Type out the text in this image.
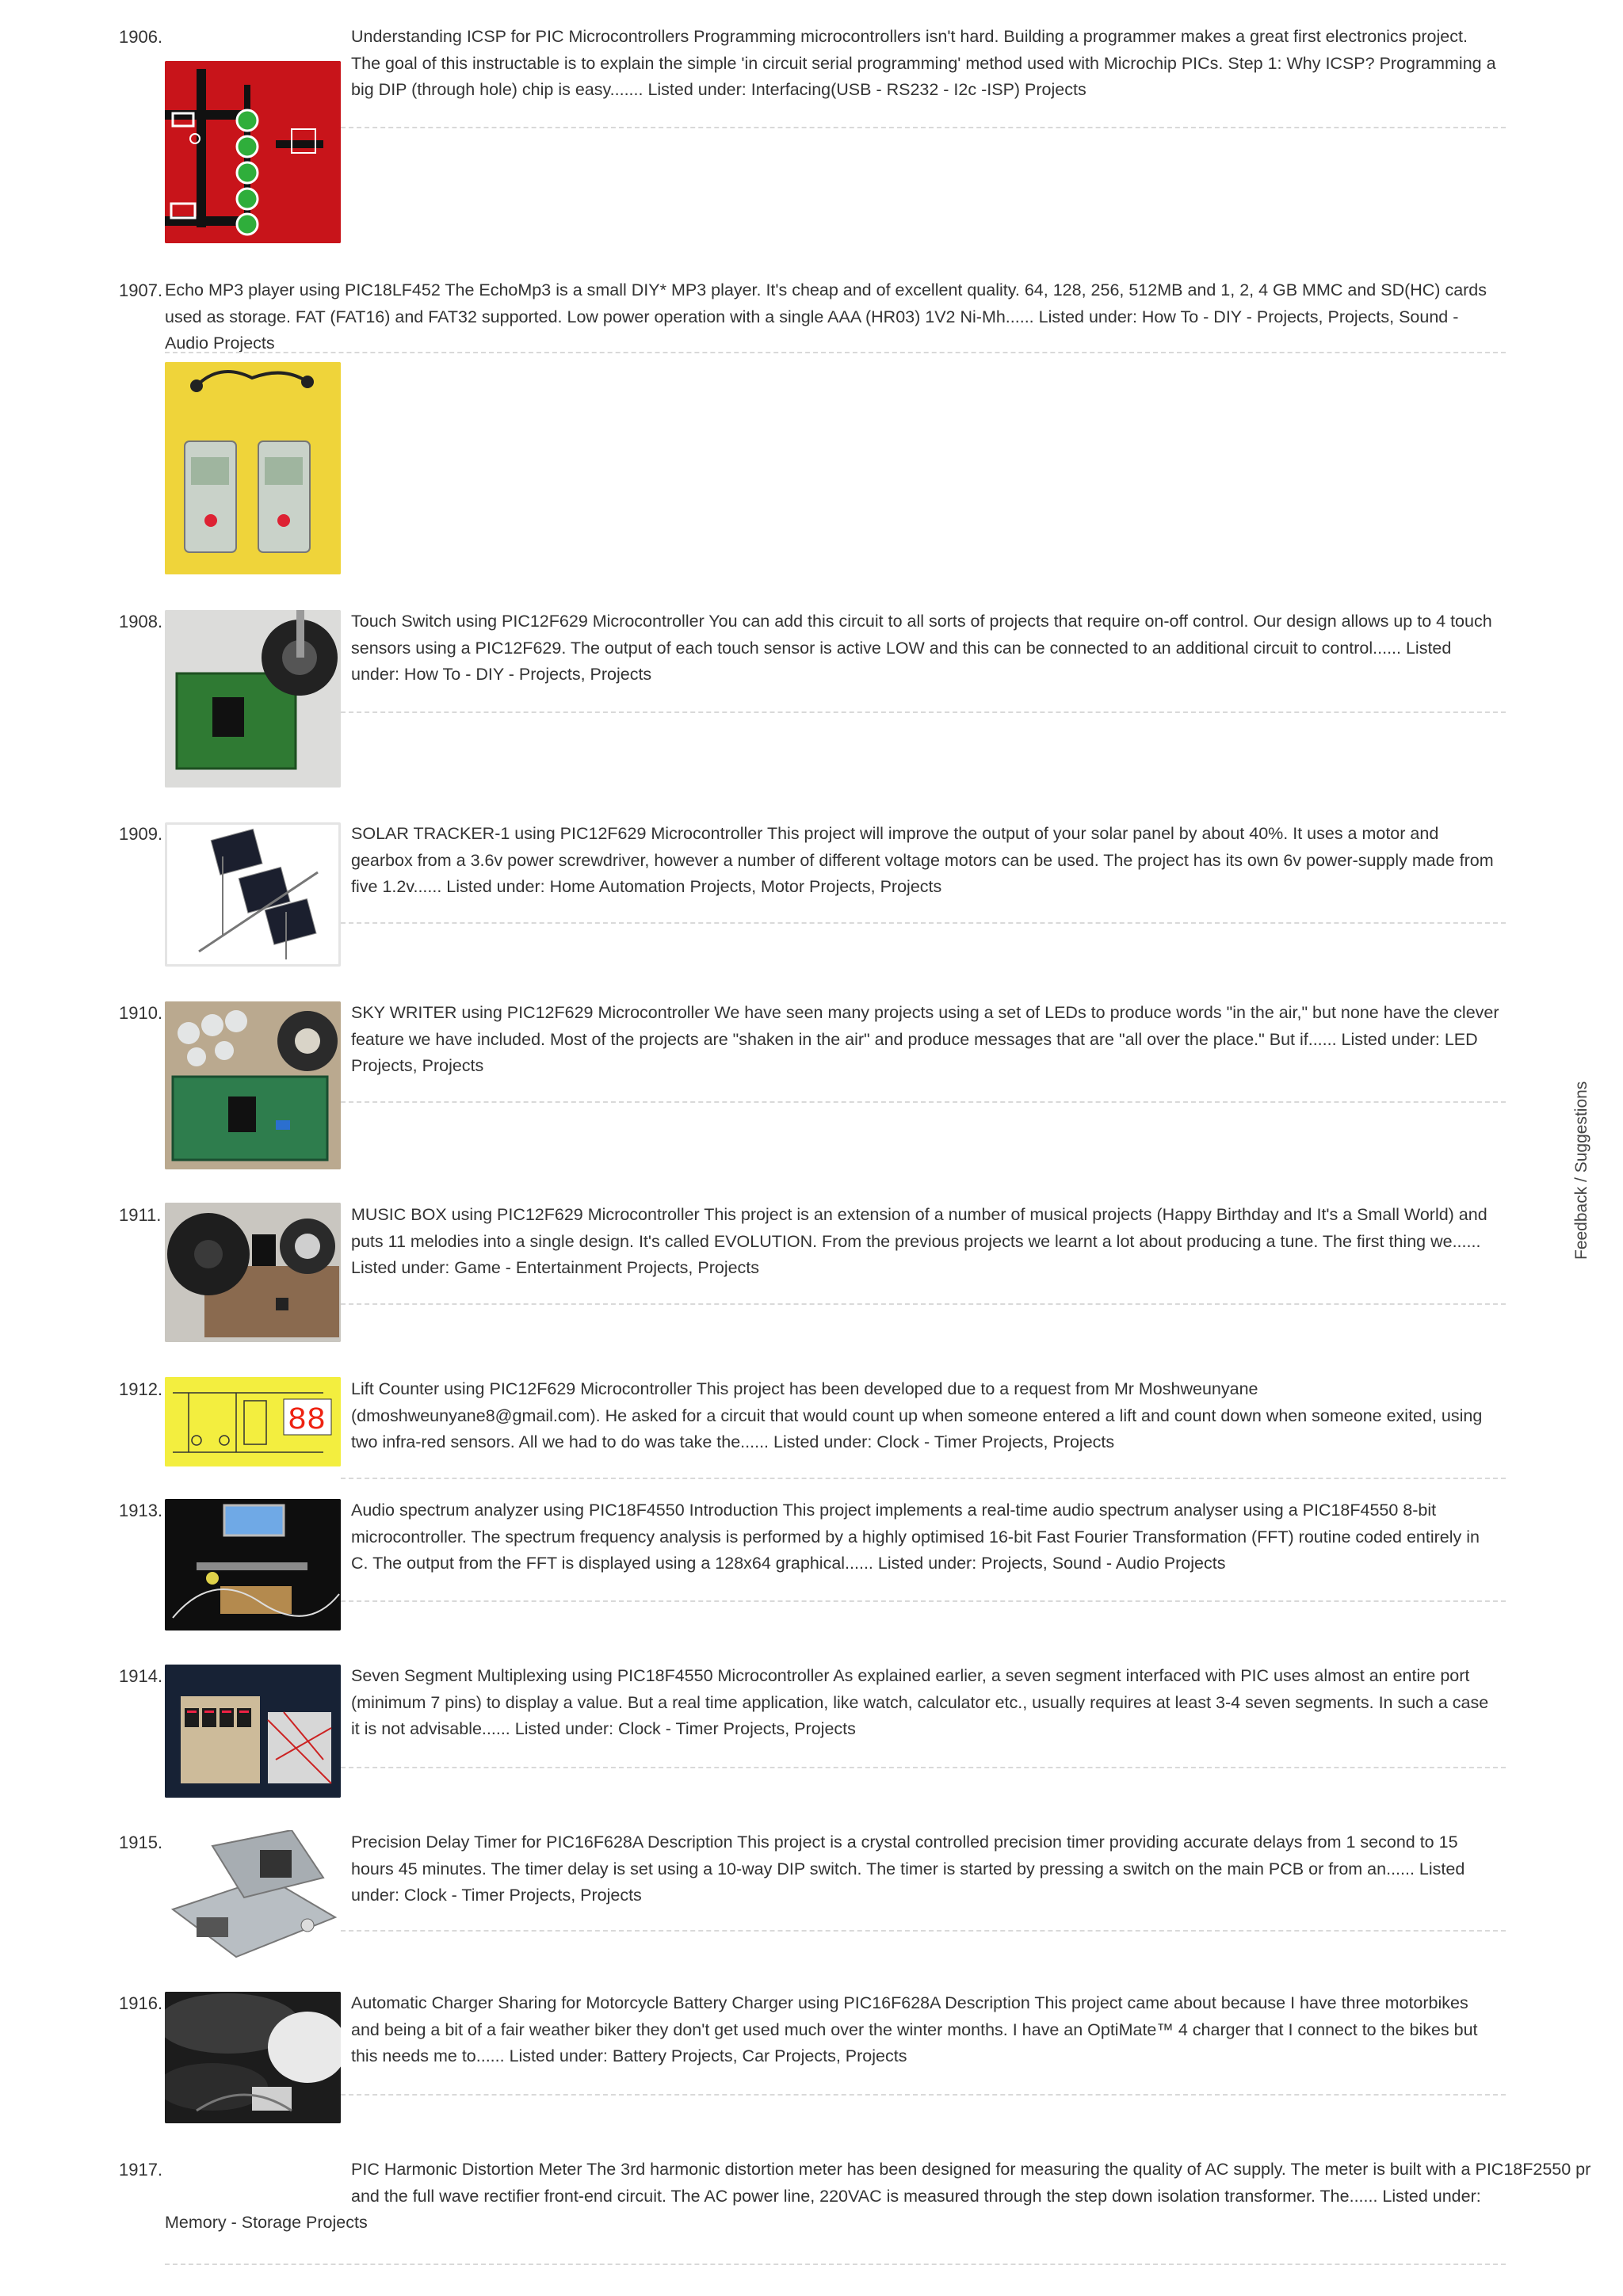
1906.	Understanding ICSP for PIC Microcontrollers Programming microcontrollers isn't hard. Building a programmer makes a great first electronics project. The goal of this instructable is to explain the simple 'in circuit serial programming' method used with Microchip PICs. Step 1: Why ICSP? Programming a big DIP (through hole) chip is easy....... Listed under: Interfacing(USB - RS232 - I2c -ISP) Projects

1907. Echo MP3 player using PIC18LF452 The EchoMp3 is a small DIY* MP3 player. It's cheap and of excellent quality. 64, 128, 256, 512MB and 1, 2, 4 GB MMC and SD(HC) cards used as storage. FAT (FAT16) and FAT32 supported. Low power operation with a single AAA (HR03) 1V2 Ni-Mh...... Listed under: How To - DIY - Projects, Projects, Sound - Audio Projects

1908.	Touch Switch using PIC12F629 Microcontroller You can add this circuit to all sorts of projects that require on-off control. Our design allows up to 4 touch sensors using a PIC12F629. The output of each touch sensor is active LOW and this can be connected to an additional circuit to control...... Listed under: How To - DIY - Projects, Projects

1909.	SOLAR TRACKER-1 using PIC12F629 Microcontroller This project will improve the output of your solar panel by about 40%. It uses a motor and gearbox from a 3.6v power screwdriver, however a number of different voltage motors can be used. The project has its own 6v power-supply made from five 1.2v...... Listed under: Home Automation Projects, Motor Projects, Projects

1910.	SKY WRITER using PIC12F629 Microcontroller We have seen many projects using a set of LEDs to produce words "in the air," but none have the clever feature we have included. Most of the projects are "shaken in the air" and produce messages that are "all over the place." But if...... Listed under: LED Projects, Projects

1911.	MUSIC BOX using PIC12F629 Microcontroller This project is an extension of a number of musical projects (Happy Birthday and It's a Small World) and puts 11 melodies into a single design. It's called EVOLUTION. From the previous projects we learnt a lot about producing a tune. The first thing we...... Listed under: Game - Entertainment Projects, Projects

1912.	Lift Counter using PIC12F629 Microcontroller This project has been developed due to a request from Mr Moshweunyane (dmoshweunyane8@gmail.com). He asked for a circuit that would count up when someone entered a lift and count down when someone exited, using two infra-red sensors. All we had to do was take the...... Listed under: Clock - Timer Projects, Projects

88
1913.	Audio spectrum analyzer using PIC18F4550 Introduction This project implements a real-time audio spectrum analyser using a PIC18F4550 8-bit microcontroller. The spectrum frequency analysis is performed by a highly optimised 16-bit Fast Fourier Transformation (FFT) routine coded entirely in C. The output from the FFT is displayed using a 128x64 graphical...... Listed under: Projects, Sound - Audio Projects

1914.	Seven Segment Multiplexing using PIC18F4550 Microcontroller As explained earlier, a seven segment interfaced with PIC uses almost an entire port (minimum 7 pins) to display a value. But a real time application, like watch, calculator etc., usually requires at least 3-4 seven segments. In such a case it is not advisable...... Listed under: Clock - Timer Projects, Projects

1915.	Precision Delay Timer for PIC16F628A Description This project is a crystal controlled precision timer providing accurate delays from 1 second to 15 hours 45 minutes. The timer delay is set using a 10-way DIP switch. The timer is started by pressing a switch on the main PCB or from an...... Listed under: Clock - Timer Projects, Projects

1916.	Automatic Charger Sharing for Motorcycle Battery Charger using PIC16F628A Description This project came about because I have three motorbikes and being a bit of a fair weather biker they don't get used much over the winter months. I have an OptiMate™ 4 charger that I connect to the bikes but this needs me to...... Listed under: Battery Projects, Car Projects, Projects

1917.	PIC Harmonic Distortion Meter The 3rd harmonic distortion meter has been designed for measuring the quality of AC supply. The meter is built with a PIC18F2550 pr and the full wave rectifier front-end circuit. The AC power line, 220VAC is measured through the step down isolation transformer. The...... Listed under:

Memory - Storage Projects
Feedback / Suggestions
